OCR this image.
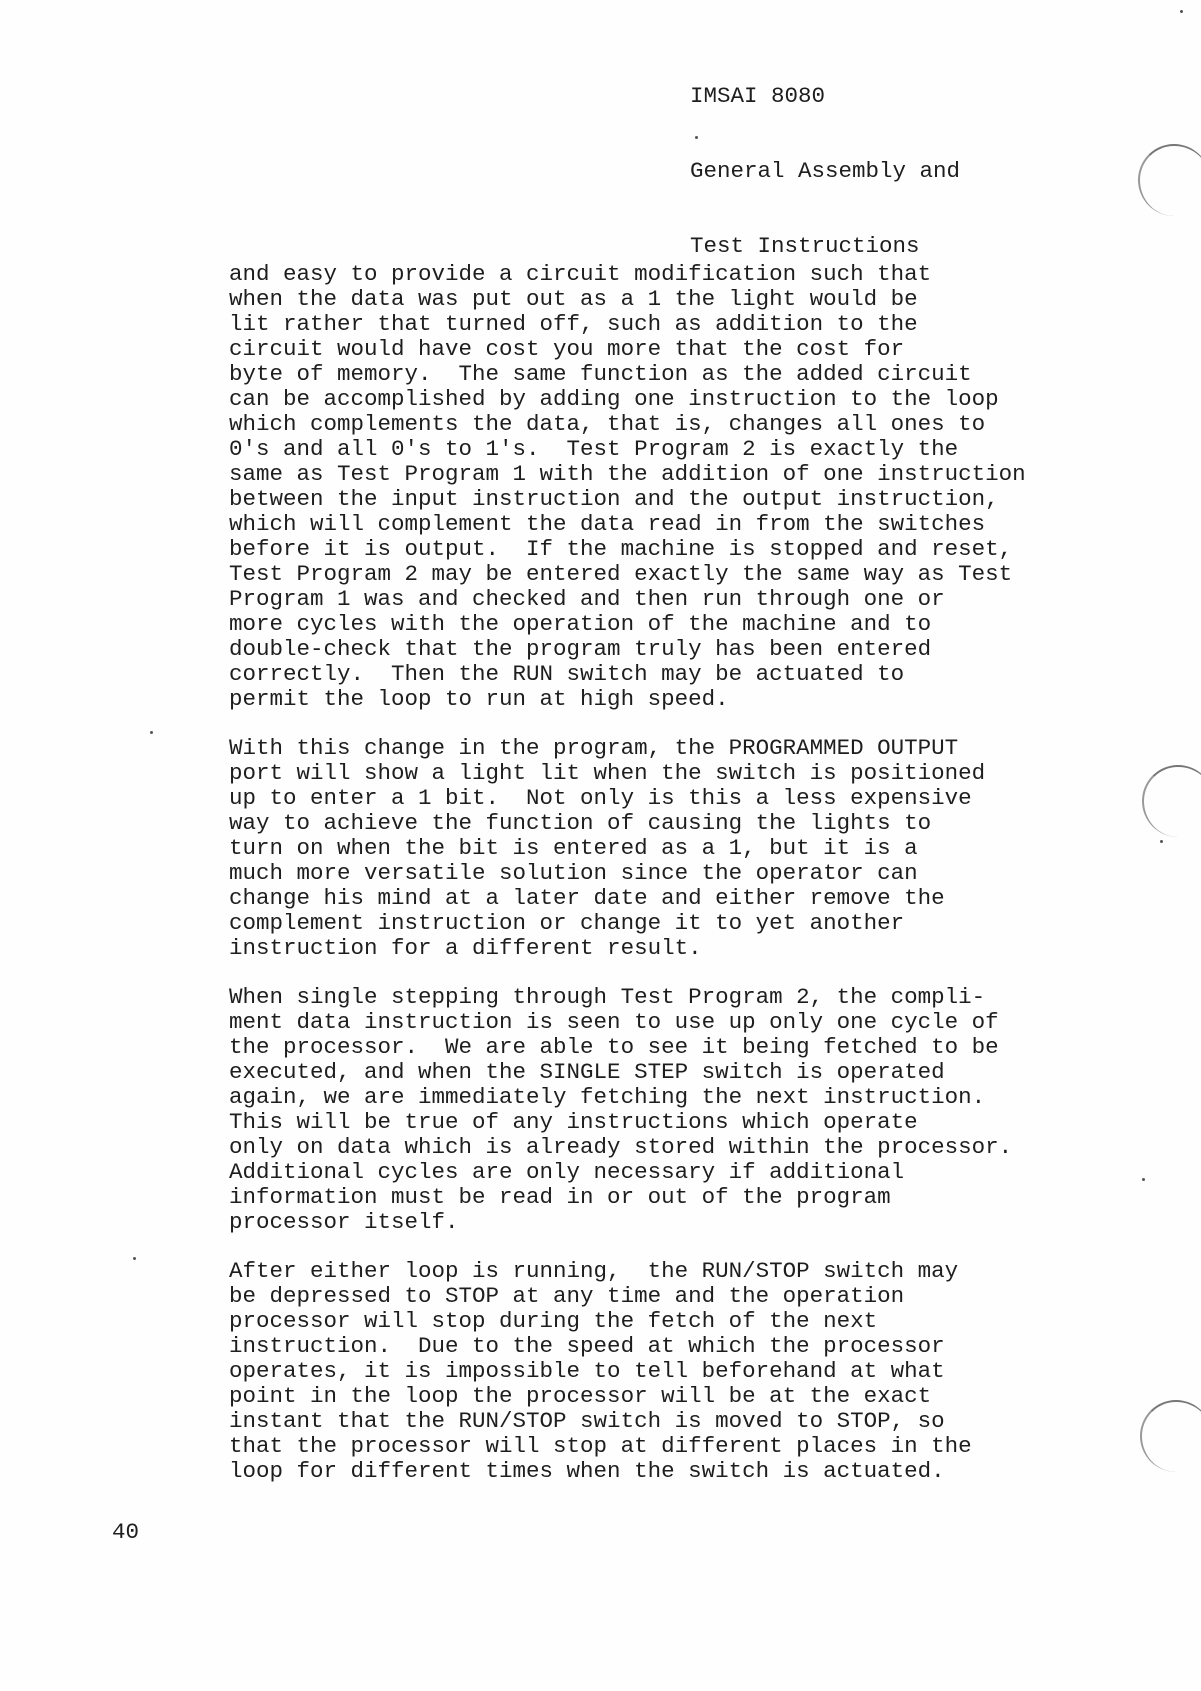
IMSAI 8080

General Assembly and

Test Instructions

and easy to provide a circuit modification such that
when the data was put out as a 1 the light would be
lit rather that turned off, such as addition to the
circuit would have cost you more that the cost for
byte of memory.  The same function as the added circuit
can be accomplished by adding one instruction to the loop
which complements the data, that is, changes all ones to
0's and all 0's to 1's.  Test Program 2 is exactly the
same as Test Program 1 with the addition of one instruction
between the input instruction and the output instruction,
which will complement the data read in from the switches
before it is output.  If the machine is stopped and reset,
Test Program 2 may be entered exactly the same way as Test
Program 1 was and checked and then run through one or
more cycles with the operation of the machine and to
double-check that the program truly has been entered
correctly.  Then the RUN switch may be actuated to
permit the loop to run at high speed.
With this change in the program, the PROGRAMMED OUTPUT
port will show a light lit when the switch is positioned
up to enter a 1 bit.  Not only is this a less expensive
way to achieve the function of causing the lights to
turn on when the bit is entered as a 1, but it is a
much more versatile solution since the operator can
change his mind at a later date and either remove the
complement instruction or change it to yet another
instruction for a different result.
When single stepping through Test Program 2, the compli-
ment data instruction is seen to use up only one cycle of
the processor.  We are able to see it being fetched to be
executed, and when the SINGLE STEP switch is operated
again, we are immediately fetching the next instruction.
This will be true of any instructions which operate
only on data which is already stored within the processor.
Additional cycles are only necessary if additional
information must be read in or out of the program
processor itself.
After either loop is running,  the RUN/STOP switch may
be depressed to STOP at any time and the operation
processor will stop during the fetch of the next
instruction.  Due to the speed at which the processor
operates, it is impossible to tell beforehand at what
point in the loop the processor will be at the exact
instant that the RUN/STOP switch is moved to STOP, so
that the processor will stop at different places in the
loop for different times when the switch is actuated.
40
